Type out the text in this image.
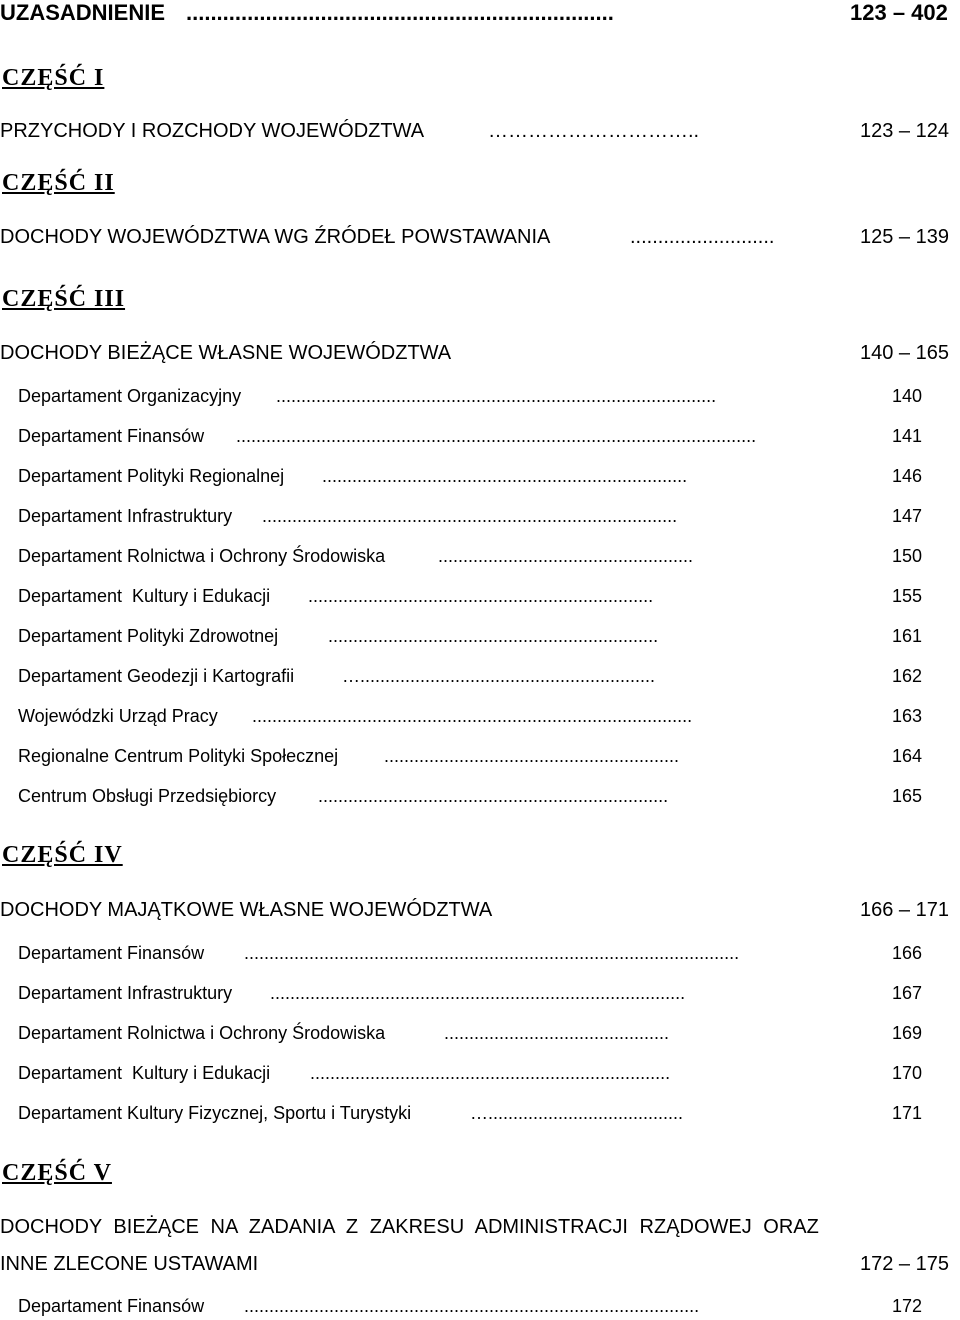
UZASADNIENIE ......................................................................	123 – 402
CZĘŚĆ I
PRZYCHODY I ROZCHODY WOJEWÓDZTWA	…………………………..	123 – 124
CZĘŚĆ II
DOCHODY WOJEWÓDZTWA WG ŹRÓDEŁ POWSTAWANIA	..........................	125 – 139
CZĘŚĆ III
DOCHODY BIEŻĄCE WŁASNE WOJEWÓDZTWA	140 – 165
Departament Organizacyjny ........................................................................................	140
Departament Finansów ........................................................................................................	141
Departament Polityki Regionalnej .........................................................................	146
Departament Infrastruktury ...................................................................................	147
Departament Rolnictwa i Ochrony Środowiska	...................................................	150
Departament  Kultury i Edukacji .....................................................................	155
Departament Polityki Zdrowotnej	..................................................................	161
Departament Geodezji i Kartografii	…...........................................................	162
Wojewódzki Urząd Pracy ........................................................................................	163
Regionalne Centrum Polityki Społecznej	...........................................................	164
Centrum Obsługi Przedsiębiorcy ......................................................................	165
CZĘŚĆ IV
DOCHODY MAJĄTKOWE WŁASNE WOJEWÓDZTWA	166 – 171
Departament Finansów ...................................................................................................	166
Departament Infrastruktury ...................................................................................	167
Departament Rolnictwa i Ochrony Środowiska	.............................................	169
Departament  Kultury i Edukacji ........................................................................	170
Departament Kultury Fizycznej, Sportu i Turystyki	….......................................	171
CZĘŚĆ V
DOCHODY BIEŻĄCE NA ZADANIA Z ZAKRESU ADMINISTRACJI RZĄDOWEJ ORAZ
INNE ZLECONE USTAWAMI	172 – 175
Departament Finansów ...........................................................................................	172
